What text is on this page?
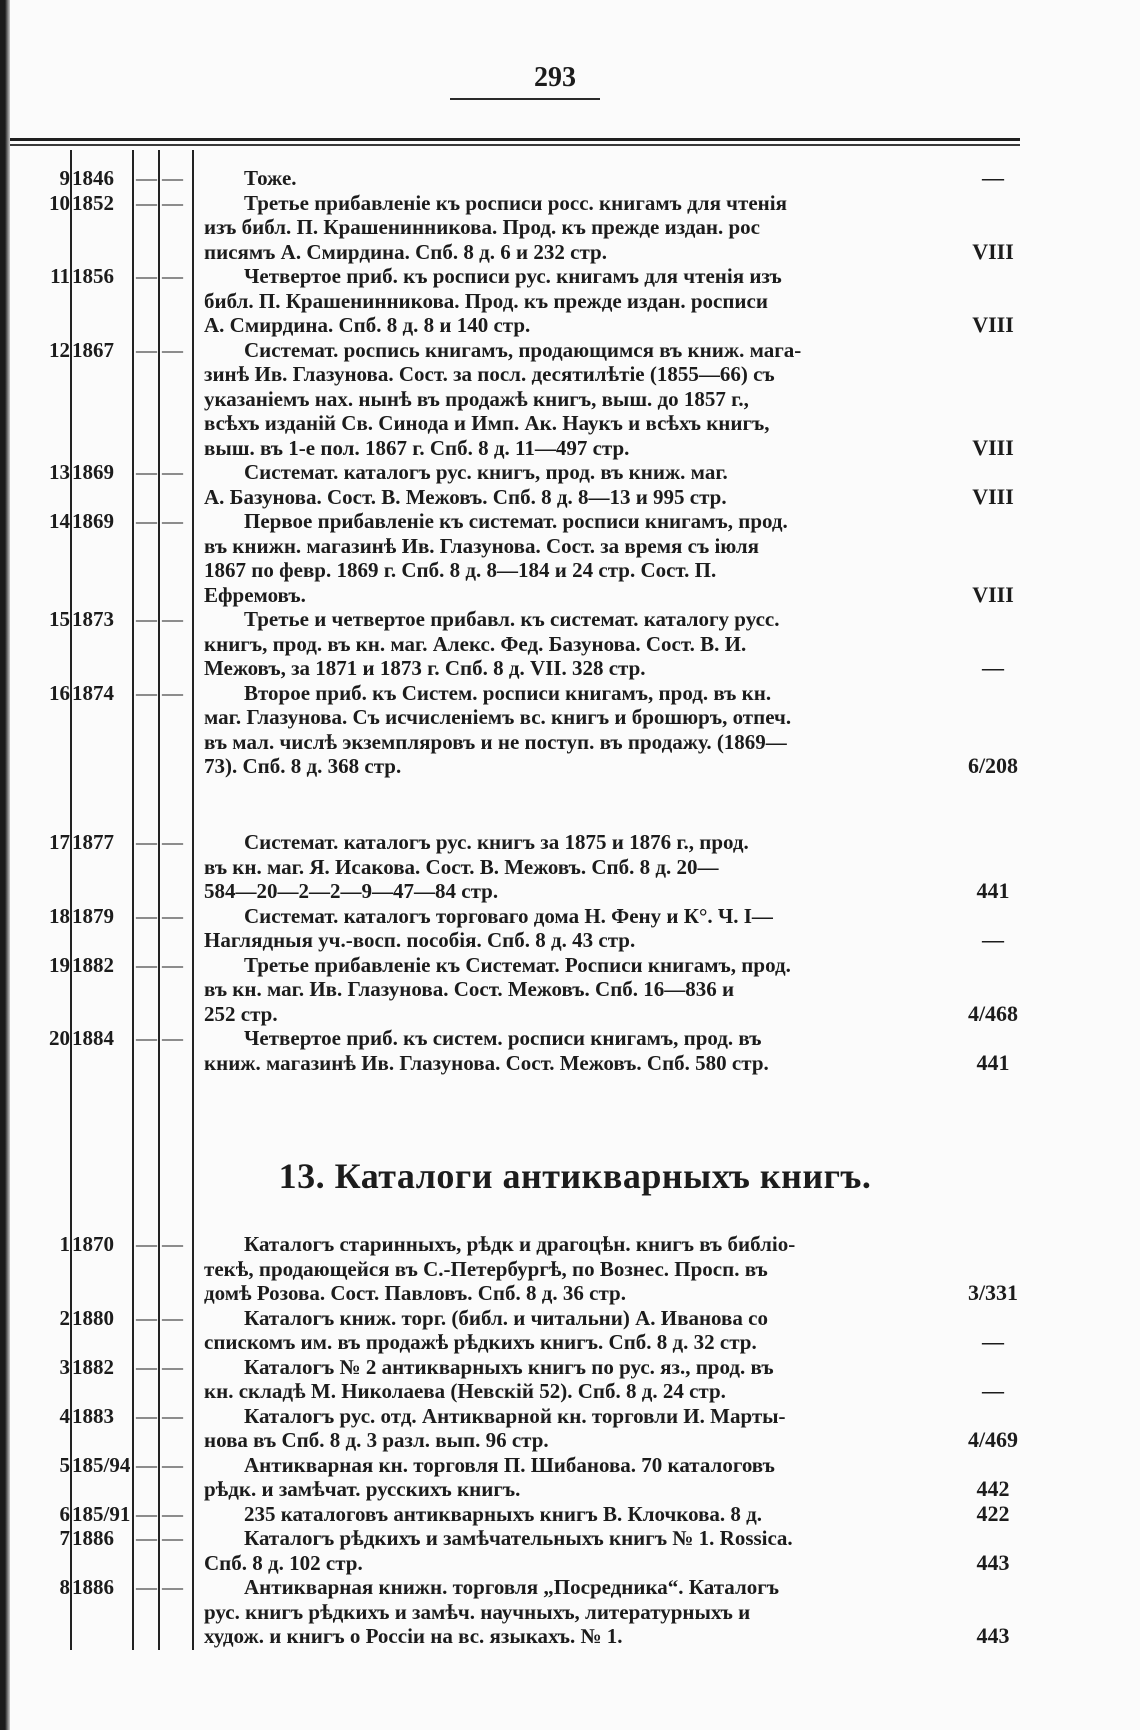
293
9 1846	— —	Тоже.	—
10 1852	— —	Третье прибавленіе къ росписи росс. книгамъ для чтенія
изъ библ. П. Крашенинникова. Прод. къ прежде издан. рос
писямъ А. Смирдина. Спб. 8 д. 6 и 232 стр.	VIII
11 1856	— —	Четвертое приб. къ росписи рус. книгамъ для чтенія изъ
библ. П. Крашенинникова. Прод. къ прежде издан. росписи
А. Смирдина. Спб. 8 д. 8 и 140 стр.	VIII
12 1867	— —	Системат. роспись книгамъ, продающимся въ книж. мага-
зинѣ Ив. Глазунова. Сост. за посл. десятилѣтіе (1855—66) съ
указаніемъ нах. нынѣ въ продажѣ книгъ, выш. до 1857 г.,
всѣхъ изданій Св. Синода и Имп. Ак. Наукъ и всѣхъ книгъ,
выш. въ 1-е пол. 1867 г. Спб. 8 д. 11—497 стр.	VIII
13 1869	— —	Системат. каталогъ рус. книгъ, прод. въ книж. маг.
А. Базунова. Сост. В. Межовъ. Спб. 8 д. 8—13 и 995 стр.	VIII
14 1869	— —	Первое прибавленіе къ системат. росписи книгамъ, прод.
въ книжн. магазинѣ Ив. Глазунова. Сост. за время съ іюля
1867 по февр. 1869 г. Спб. 8 д. 8—184 и 24 стр. Сост. П.
Ефремовъ.	VIII
15 1873	— —	Третье и четвертое прибавл. къ системат. каталогу русс.
книгъ, прод. въ кн. маг. Алекс. Фед. Базунова. Сост. В. И.
Межовъ, за 1871 и 1873 г. Спб. 8 д. VII. 328 стр.	—
16 1874	— —	Второе приб. къ Систем. росписи книгамъ, прод. въ кн.
маг. Глазунова. Съ исчисленіемъ вс. книгъ и брошюръ, отпеч.
въ мал. числѣ экземпляровъ и не поступ. въ продажу. (1869—
73). Спб. 8 д. 368 стр.	6/208
17 1877	— —	Системат. каталогъ рус. книгъ за 1875 и 1876 г., прод.
въ кн. маг. Я. Исакова. Сост. В. Межовъ. Спб. 8 д. 20—
584—20—2—2—9—47—84 стр.	441
18 1879	— —	Системат. каталогъ торговаго дома Н. Фену и К°. Ч. I—
Наглядныя уч.-восп. пособія. Спб. 8 д. 43 стр.	—
19 1882	— —	Третье прибавленіе къ Системат. Росписи книгамъ, прод.
въ кн. маг. Ив. Глазунова. Сост. Межовъ. Спб. 16—836 и
252 стр.	4/468
20 1884	— —	Четвертое приб. къ систем. росписи книгамъ, прод. въ
книж. магазинѣ Ив. Глазунова. Сост. Межовъ. Спб. 580 стр.	441
1 1870	— —	Каталогъ старинныхъ, рѣдк и драгоцѣн. книгъ въ библіо-
текѣ, продающейся въ С.-Петербургѣ, по Вознес. Просп. въ
домѣ Розова. Сост. Павловъ. Спб. 8 д. 36 стр.	3/331
2 1880	— —	Каталогъ книж. торг. (библ. и читальни) А. Иванова со
спискомъ им. въ продажѣ рѣдкихъ книгъ. Спб. 8 д. 32 стр.	—
3 1882	— —	Каталогъ № 2 антикварныхъ книгъ по рус. яз., прод. въ
кн. складѣ М. Николаева (Невскій 52). Спб. 8 д. 24 стр.	—
4 1883	— —	Каталогъ рус. отд. Антикварной кн. торговли И. Марты-
нова въ Спб. 8 д. 3 разл. вып. 96 стр.	4/469
5 185/94 — —	Антикварная кн. торговля П. Шибанова. 70 каталоговъ
рѣдк. и замѣчат. русскихъ книгъ.	442
6 185/91 — —	235 каталоговъ антикварныхъ книгъ В. Клочкова. 8 д.	422
7 1886	— —	Каталогъ рѣдкихъ и замѣчательныхъ книгъ № 1. Rossica.
Спб. 8 д. 102 стр.	443
8 1886	— —	Антикварная книжн. торговля „Посредника“. Каталогъ
рус. книгъ рѣдкихъ и замѣч. научныхъ, литературныхъ и
худож. и книгъ о Россіи на вс. языкахъ. № 1.	443
13. Каталоги антикварныхъ книгъ.
